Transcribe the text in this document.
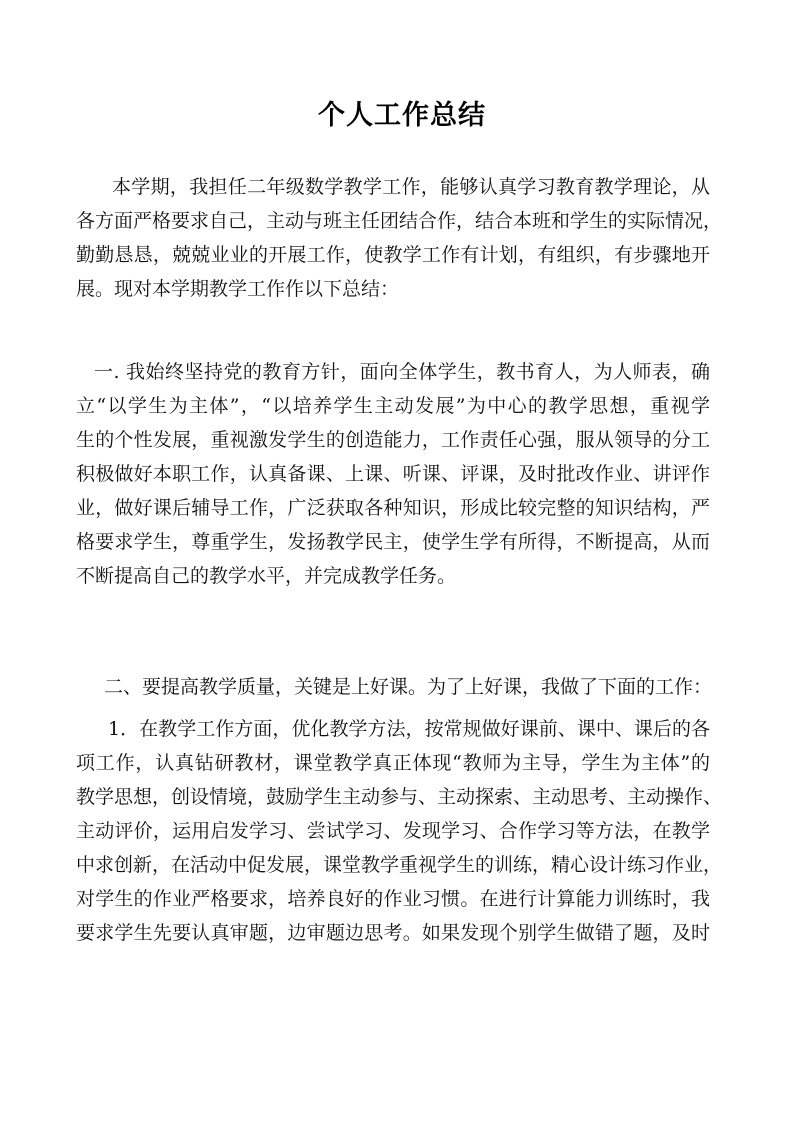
个人工作总结
本学期，我担任二年级数学教学工作，能够认真学习教育教学理论，从
各方面严格要求自己，主动与班主任团结合作，结合本班和学生的实际情况，
勤勤恳恳，兢兢业业的开展工作，使教学工作有计划，有组织，有步骤地开
展。现对本学期教学工作作以下总结：
一. 我始终坚持党的教育方针，面向全体学生，教书育人，为人师表，确
立“以学生为主体”，“以培养学生主动发展”为中心的教学思想，重视学
生的个性发展，重视激发学生的创造能力，工作责任心强，服从领导的分工
积极做好本职工作，认真备课、上课、听课、评课，及时批改作业、讲评作
业，做好课后辅导工作，广泛获取各种知识，形成比较完整的知识结构，严
格要求学生，尊重学生，发扬教学民主，使学生学有所得，不断提高，从而
不断提高自己的教学水平，并完成教学任务。
二、要提高教学质量，关键是上好课。为了上好课，我做了下面的工作：
1．在教学工作方面，优化教学方法，按常规做好课前、课中、课后的各
项工作，认真钻研教材，课堂教学真正体现“教师为主导，学生为主体”的
教学思想，创设情境，鼓励学生主动参与、主动探索、主动思考、主动操作、
主动评价，运用启发学习、尝试学习、发现学习、合作学习等方法，在教学
中求创新，在活动中促发展，课堂教学重视学生的训练，精心设计练习作业，
对学生的作业严格要求，培养良好的作业习惯。在进行计算能力训练时，我
要求学生先要认真审题，边审题边思考。如果发现个别学生做错了题，及时
